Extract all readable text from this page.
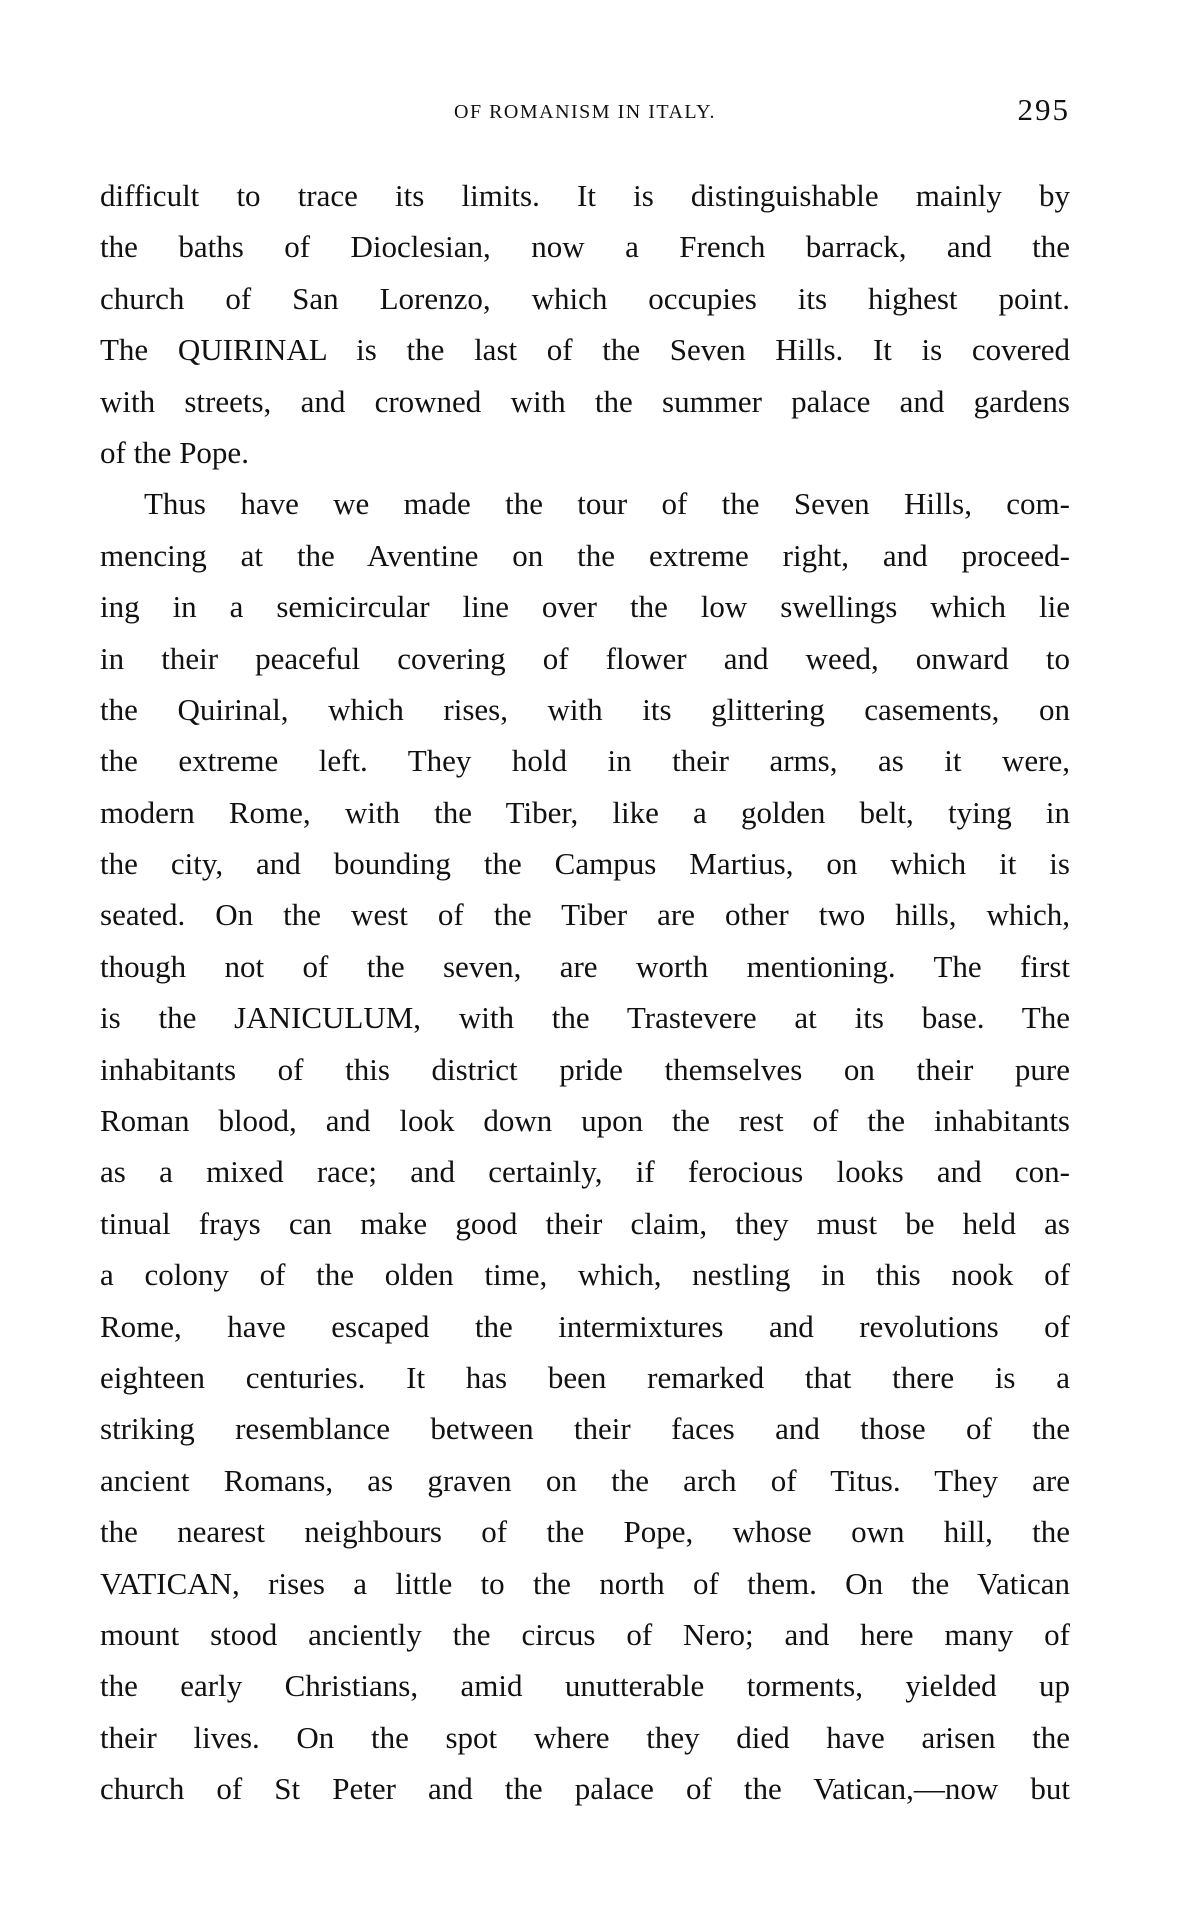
OF ROMANISM IN ITALY.	295
difficult to trace its limits. It is distinguishable mainly by
the baths of Dioclesian, now a French barrack, and the
church of San Lorenzo, which occupies its highest point.
The QUIRINAL is the last of the Seven Hills. It is covered
with streets, and crowned with the summer palace and gardens
of the Pope.
Thus have we made the tour of the Seven Hills, com-
mencing at the Aventine on the extreme right, and proceed-
ing in a semicircular line over the low swellings which lie
in their peaceful covering of flower and weed, onward to
the Quirinal, which rises, with its glittering casements, on
the extreme left. They hold in their arms, as it were,
modern Rome, with the Tiber, like a golden belt, tying in
the city, and bounding the Campus Martius, on which it is
seated. On the west of the Tiber are other two hills, which,
though not of the seven, are worth mentioning. The first
is the JANICULUM, with the Trastevere at its base. The
inhabitants of this district pride themselves on their pure
Roman blood, and look down upon the rest of the inhabitants
as a mixed race; and certainly, if ferocious looks and con-
tinual frays can make good their claim, they must be held as
a colony of the olden time, which, nestling in this nook of
Rome, have escaped the intermixtures and revolutions of
eighteen centuries. It has been remarked that there is a
striking resemblance between their faces and those of the
ancient Romans, as graven on the arch of Titus. They are
the nearest neighbours of the Pope, whose own hill, the
VATICAN, rises a little to the north of them. On the Vatican
mount stood anciently the circus of Nero; and here many of
the early Christians, amid unutterable torments, yielded up
their lives. On the spot where they died have arisen the
church of St Peter and the palace of the Vatican,—now but
